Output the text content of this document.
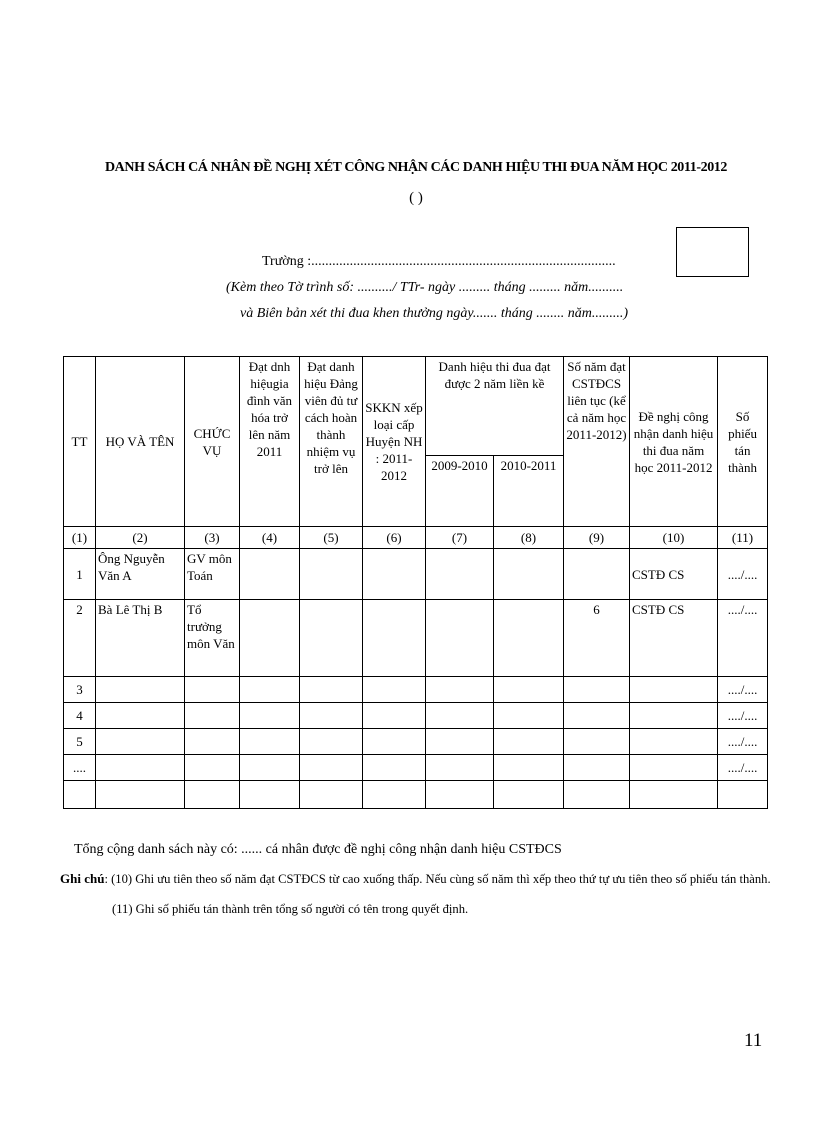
DANH SÁCH CÁ NHÂN ĐỀ NGHỊ XÉT CÔNG NHẬN CÁC DANH HIỆU THI ĐUA NĂM HỌC 2011-2012
( )
Trường :.......................................................................................
(Kèm theo Tờ trình số: ........../ TTr- ngày ......... tháng ......... năm..........
và Biên bản xét thi đua khen thưởng ngày....... tháng ........ năm.........)
TT	HỌ VÀ TÊN	CHỨC VỤ	Đạt dnh hiệugia đình văn hóa trở lên năm 2011	Đạt danh hiệu Đảng viên đủ tư cách hoàn thành nhiệm vụ trở lên	SKKN xếp loại cấp Huyện NH : 2011-2012	Danh hiệu thi đua đạt được 2 năm liền kề		Số năm đạt CSTĐCS liên tục (kể cả năm học 2011-2012)	Đề nghị công nhận danh hiệu thi đua năm học 2011-2012	Số phiếu tán thành
						2009-2010	2010-2011			
(1)	(2)	(3)	(4)	(5)	(6)	(7)	(8)	(9)	(10)	(11)
1	Ông Nguyễn Văn A	GV môn Toán							CSTĐ CS	..../....
2	Bà Lê Thị B	Tổ trưởng môn Văn						6	CSTĐ CS	..../....
3										..../....
4										..../....
5										..../....
....										..../....

Tổng cộng danh sách này có: ...... cá nhân được đề nghị công nhận danh hiệu CSTĐCS
Ghi chú: (10) Ghi ưu tiên theo số năm đạt CSTĐCS từ cao xuống thấp. Nếu cùng số năm thì xếp theo thứ tự ưu tiên theo số phiếu tán thành.
(11) Ghi số phiếu tán thành trên tổng số người có tên trong quyết định.
11
